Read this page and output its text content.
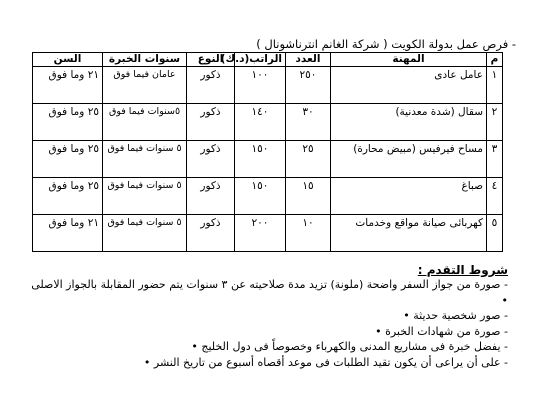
- فرص عمل بدولة الكويت ( شركة الغانم انترناشونال )
م	المهنة	العدد	الراتب(د.ك)	النوع	سنوات الخبرة	السن
١	عامل عادى	٢٥٠	١٠٠	ذكور	عامان فيما فوق	٢١ وما فوق
٢	سقال (شدة معدنية)	٣٠	١٤٠	ذكور	٥سنوات فيما فوق	٢٥ وما فوق
٣	مساح فيرفيس (مبيض محارة)	٢٥	١٥٠	ذكور	٥ سنوات فيما فوق	٢٥ وما فوق
٤	صباغ	١٥	١٥٠	ذكور	٥ سنوات فيما فوق	٢٥ وما فوق
٥	كهربائى صيانة مواقع وخدمات	١٠	٢٠٠	ذكور	٥ سنوات فيما فوق	٢١ وما فوق
شروط التقدم :
- صورة من جواز السفر واضحة (ملونة) تزيد مدة صلاحيته عن ٣ سنوات يتم حضور المقابلة بالجواز الاصلى •
- صور شخصية حديثة •
- صورة من شهادات الخبرة •
- يفضل خبرة فى مشاريع المدنى والكهرباء وخصوصاً فى دول الخليج •
- على أن يراعى أن يكون تقيد الطلبات فى موعد أقصاه أسبوع من تاريخ النشر •
